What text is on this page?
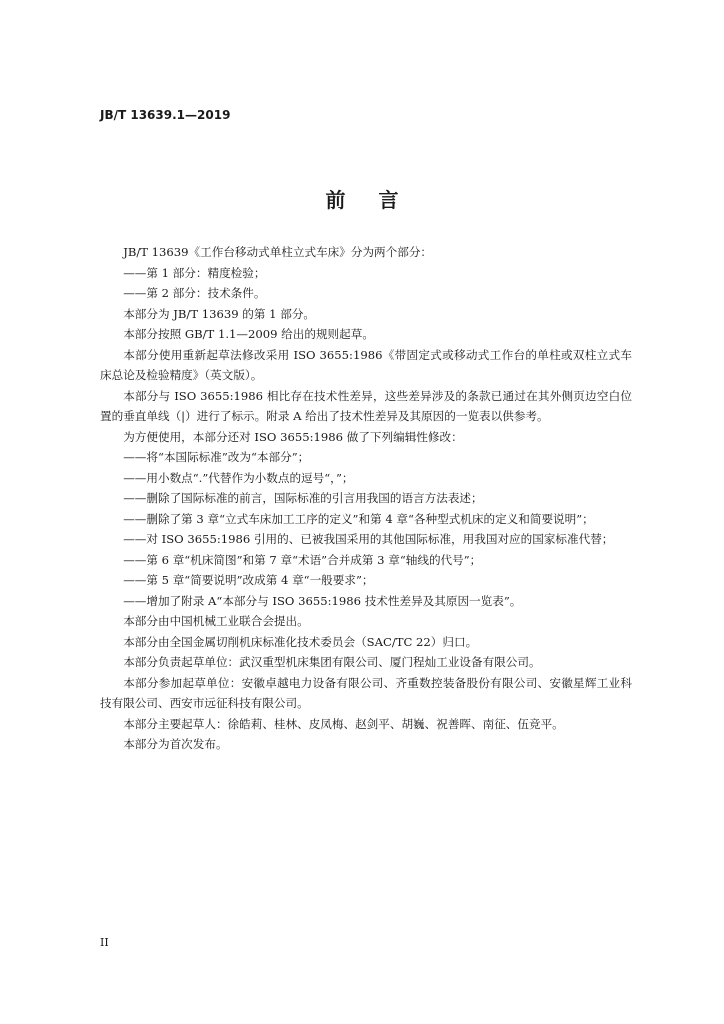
JB/T 13639.1—2019
前 言

JB/T 13639《工作台移动式单柱立式车床》分为两个部分：

——第 1 部分：精度检验；

——第 2 部分：技术条件。

本部分为 JB/T 13639 的第 1 部分。

本部分按照 GB/T 1.1—2009 给出的规则起草。

本部分使用重新起草法修改采用 ISO 3655:1986《带固定式或移动式工作台的单柱或双柱立式车床总论及检验精度》（英文版）。

本部分与 ISO 3655:1986 相比存在技术性差异，这些差异涉及的条款已通过在其外侧页边空白位置的垂直单线（|）进行了标示。附录 A 给出了技术性差异及其原因的一览表以供参考。

为方便使用，本部分还对 ISO 3655:1986 做了下列编辑性修改：

——将“本国际标准”改为“本部分”；

——用小数点“.”代替作为小数点的逗号“，”；

——删除了国际标准的前言，国际标准的引言用我国的语言方法表述；

——删除了第 3 章“立式车床加工工序的定义”和第 4 章“各种型式机床的定义和简要说明”；

——对 ISO 3655:1986 引用的、已被我国采用的其他国际标准，用我国对应的国家标准代替；

——第 6 章“机床简图”和第 7 章“术语”合并成第 3 章“轴线的代号”；

——第 5 章“简要说明”改成第 4 章“一般要求”；

——增加了附录 A“本部分与 ISO 3655:1986 技术性差异及其原因一览表”。

本部分由中国机械工业联合会提出。

本部分由全国金属切削机床标准化技术委员会（SAC/TC 22）归口。

本部分负责起草单位：武汉重型机床集团有限公司、厦门程灿工业设备有限公司。

本部分参加起草单位：安徽卓越电力设备有限公司、齐重数控装备股份有限公司、安徽星辉工业科技有限公司、西安市远征科技有限公司。

本部分主要起草人：徐皓莉、桂林、皮凤梅、赵剑平、胡巍、祝善晖、南征、伍竞平。

本部分为首次发布。

II
